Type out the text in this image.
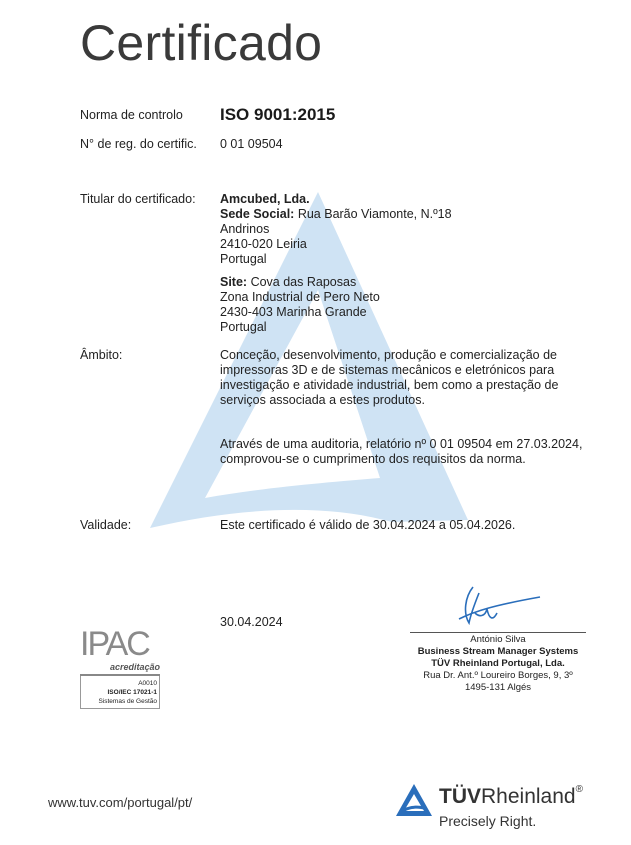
Certificado
Norma de controlo ISO 9001:2015
N° de reg. do certific. 0 01 09504
Titular do certificado: Amcubed, Lda.
Sede Social: Rua Barão Viamonte, N.º18
Andrinos
2410-020 Leiria
Portugal
Site: Cova das Raposas
Zona Industrial de Pero Neto
2430-403 Marinha Grande
Portugal
Âmbito:	Conceção, desenvolvimento, produção e comercialização de
impressoras 3D e de sistemas mecânicos e eletrónicos para
investigação e atividade industrial, bem como a prestação de
serviços associada a estes produtos.
Através de uma auditoria, relatório nº 0 01 09504 em 27.03.2024,
comprovou-se o cumprimento dos requisitos da norma.
Validade:	Este certificado é válido de 30.04.2024 a 05.04.2026.
30.04.2024
António Silva
Business Stream Manager Systems
TÜV Rheinland Portugal, Lda.
Rua Dr. Ant.º Loureiro Borges, 9, 3º
1495-131 Algés
IPAC
acreditação
A0010
ISO/IEC 17021-1
Sistemas de Gestão
www.tuv.com/portugal/pt/	TÜVRheinland®
Precisely Right.
